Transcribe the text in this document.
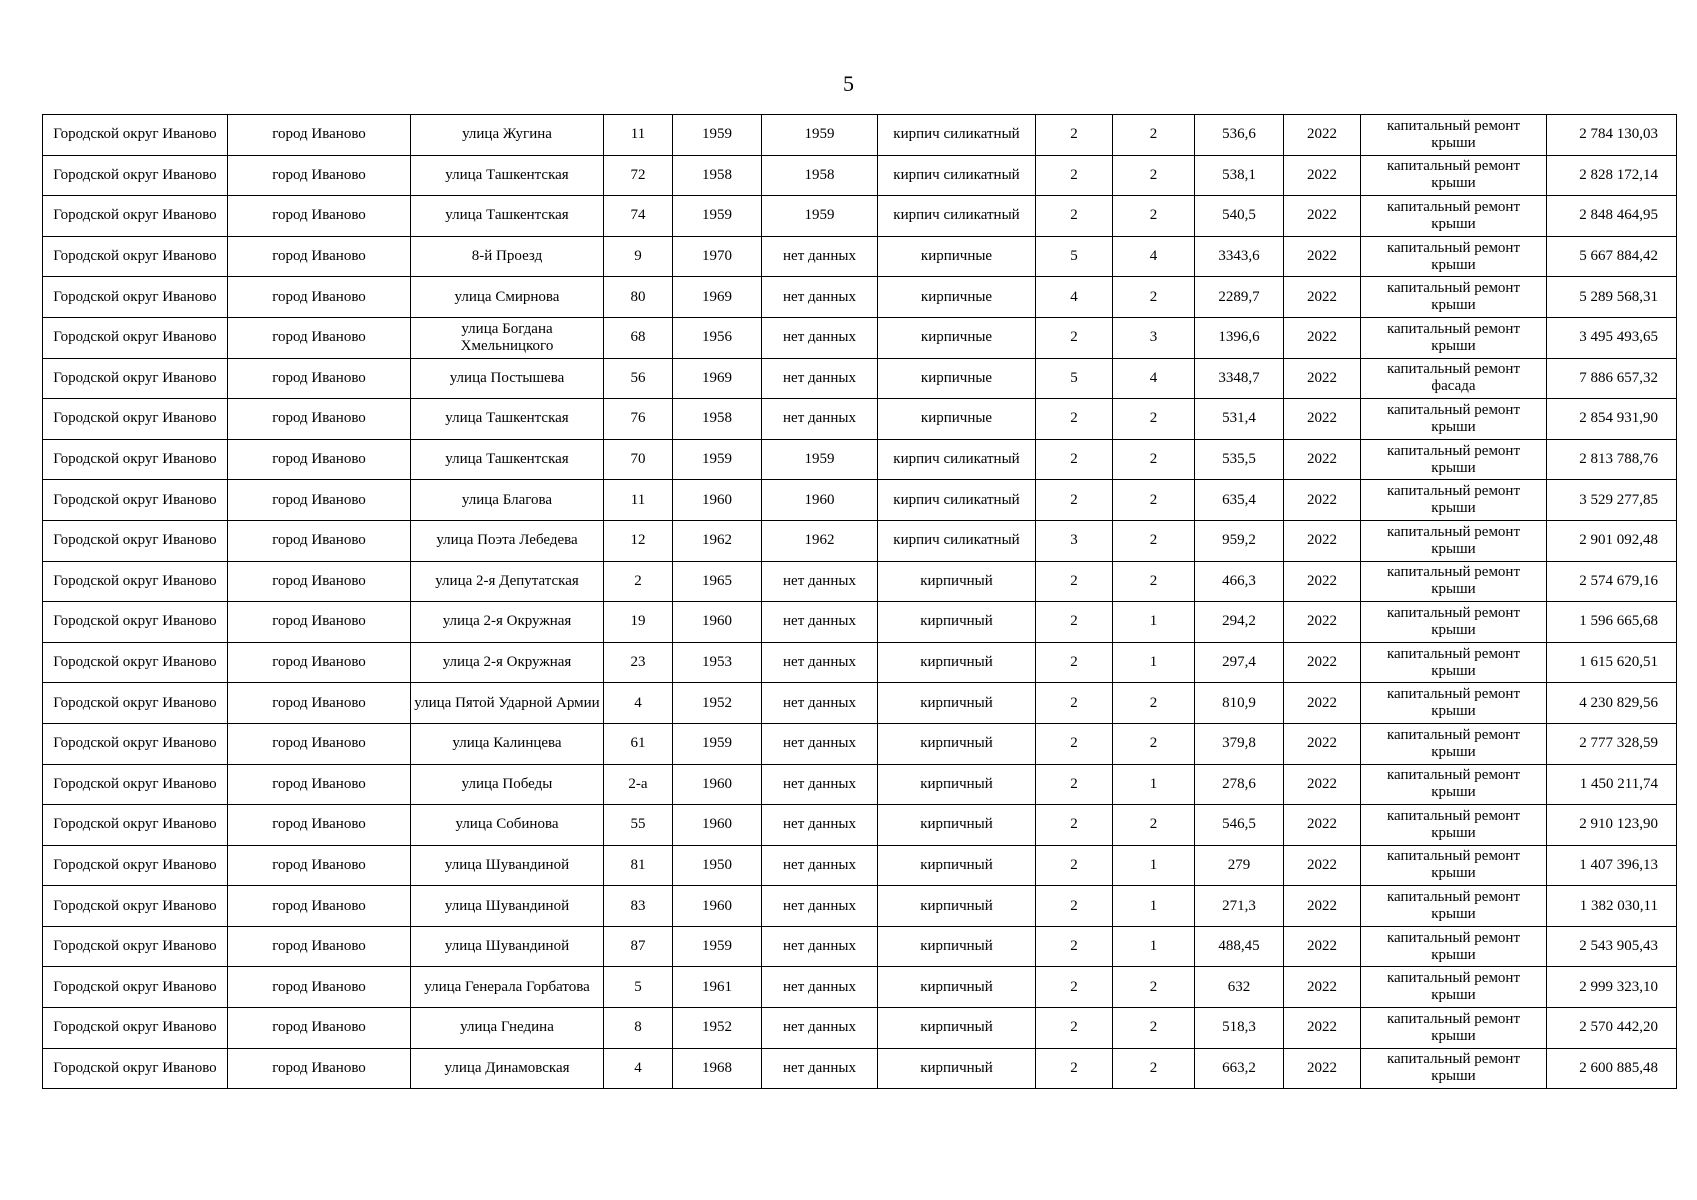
5
Городской округ Иваново	город Иваново	улица Жугина	11	1959	1959	кирпич силикатный	2	2	536,6	2022	капитальный ремонт крыши	2 784 130,03
Городской округ Иваново	город Иваново	улица Ташкентская	72	1958	1958	кирпич силикатный	2	2	538,1	2022	капитальный ремонт крыши	2 828 172,14
Городской округ Иваново	город Иваново	улица Ташкентская	74	1959	1959	кирпич силикатный	2	2	540,5	2022	капитальный ремонт крыши	2 848 464,95
Городской округ Иваново	город Иваново	8-й Проезд	9	1970	нет данных	кирпичные	5	4	3343,6	2022	капитальный ремонт крыши	5 667 884,42
Городской округ Иваново	город Иваново	улица Смирнова	80	1969	нет данных	кирпичные	4	2	2289,7	2022	капитальный ремонт крыши	5 289 568,31
Городской округ Иваново	город Иваново	улица Богдана Хмельницкого	68	1956	нет данных	кирпичные	2	3	1396,6	2022	капитальный ремонт крыши	3 495 493,65
Городской округ Иваново	город Иваново	улица Постышева	56	1969	нет данных	кирпичные	5	4	3348,7	2022	капитальный ремонт фасада	7 886 657,32
Городской округ Иваново	город Иваново	улица Ташкентская	76	1958	нет данных	кирпичные	2	2	531,4	2022	капитальный ремонт крыши	2 854 931,90
Городской округ Иваново	город Иваново	улица Ташкентская	70	1959	1959	кирпич силикатный	2	2	535,5	2022	капитальный ремонт крыши	2 813 788,76
Городской округ Иваново	город Иваново	улица Благова	11	1960	1960	кирпич силикатный	2	2	635,4	2022	капитальный ремонт крыши	3 529 277,85
Городской округ Иваново	город Иваново	улица Поэта Лебедева	12	1962	1962	кирпич силикатный	3	2	959,2	2022	капитальный ремонт крыши	2 901 092,48
Городской округ Иваново	город Иваново	улица 2-я Депутатская	2	1965	нет данных	кирпичный	2	2	466,3	2022	капитальный ремонт крыши	2 574 679,16
Городской округ Иваново	город Иваново	улица 2-я Окружная	19	1960	нет данных	кирпичный	2	1	294,2	2022	капитальный ремонт крыши	1 596 665,68
Городской округ Иваново	город Иваново	улица 2-я Окружная	23	1953	нет данных	кирпичный	2	1	297,4	2022	капитальный ремонт крыши	1 615 620,51
Городской округ Иваново	город Иваново	улица Пятой Ударной Армии	4	1952	нет данных	кирпичный	2	2	810,9	2022	капитальный ремонт крыши	4 230 829,56
Городской округ Иваново	город Иваново	улица Калинцева	61	1959	нет данных	кирпичный	2	2	379,8	2022	капитальный ремонт крыши	2 777 328,59
Городской округ Иваново	город Иваново	улица Победы	2-а	1960	нет данных	кирпичный	2	1	278,6	2022	капитальный ремонт крыши	1 450 211,74
Городской округ Иваново	город Иваново	улица Собинова	55	1960	нет данных	кирпичный	2	2	546,5	2022	капитальный ремонт крыши	2 910 123,90
Городской округ Иваново	город Иваново	улица Шувандиной	81	1950	нет данных	кирпичный	2	1	279	2022	капитальный ремонт крыши	1 407 396,13
Городской округ Иваново	город Иваново	улица Шувандиной	83	1960	нет данных	кирпичный	2	1	271,3	2022	капитальный ремонт крыши	1 382 030,11
Городской округ Иваново	город Иваново	улица Шувандиной	87	1959	нет данных	кирпичный	2	1	488,45	2022	капитальный ремонт крыши	2 543 905,43
Городской округ Иваново	город Иваново	улица Генерала Горбатова	5	1961	нет данных	кирпичный	2	2	632	2022	капитальный ремонт крыши	2 999 323,10
Городской округ Иваново	город Иваново	улица Гнедина	8	1952	нет данных	кирпичный	2	2	518,3	2022	капитальный ремонт крыши	2 570 442,20
Городской округ Иваново	город Иваново	улица Динамовская	4	1968	нет данных	кирпичный	2	2	663,2	2022	капитальный ремонт крыши	2 600 885,48
